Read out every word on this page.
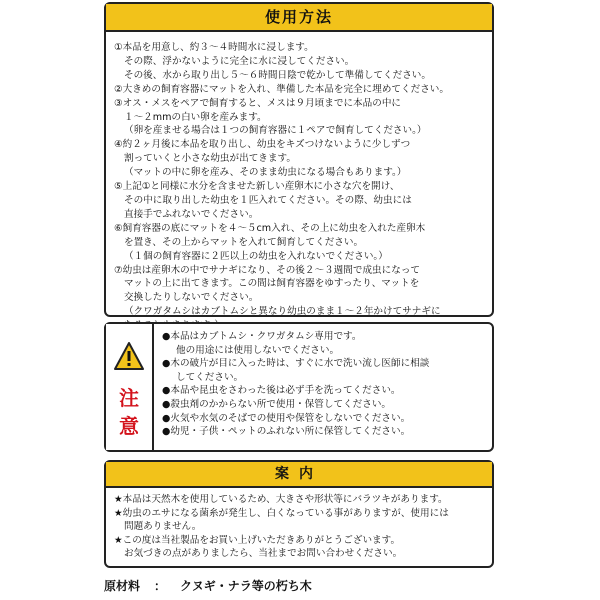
使用方法
①本品を用意し、約３～４時間水に浸します。
その際、浮かないように完全に水に浸してください。
その後、水から取り出し５～６時間日陰で乾かして準備してください。
②大きめの飼育容器にマットを入れ、準備した本品を完全に埋めてください。
③オス・メスをペアで飼育すると、メスは９月頃までに本品の中に
１～２mmの白い卵を産みます。
（卵を産ませる場合は１つの飼育容器に１ペアで飼育してください。）
④約２ヶ月後に本品を取り出し、幼虫をキズつけないように少しずつ
割っていくと小さな幼虫が出てきます。
（マットの中に卵を産み、そのまま幼虫になる場合もあります。）
⑤上記①と同様に水分を含ませた新しい産卵木に小さな穴を開け、
その中に取り出した幼虫を１匹入れてください。その際、幼虫には
直接手でふれないでください。
⑥飼育容器の底にマットを４～５cm入れ、その上に幼虫を入れた産卵木
を置き、その上からマットを入れて飼育してください。
（１個の飼育容器に２匹以上の幼虫を入れないでください。）
⑦幼虫は産卵木の中でサナギになり、その後２～３週間で成虫になって
マットの上に出てきます。この間は飼育容器をゆすったり、マットを
交換したりしないでください。
（クワガタムシはカブトムシと異なり幼虫のまま１～２年かけてサナギに
注
意
●本品はカブトムシ・クワガタムシ専用です。
他の用途には使用しないでください。
●木の破片が目に入った時は、すぐに水で洗い流し医師に相談
してください。
●本品や昆虫をさわった後は必ず手を洗ってください。
●殺虫剤のかからない所で使用・保管してください。
●火気や水気のそばでの使用や保管をしないでください。
●幼児・子供・ペットのふれない所に保管してください。
案内
★本品は天然木を使用しているため、大きさや形状等にバラツキがあります。
★幼虫のエサになる菌糸が発生し、白くなっている事がありますが、使用には
問題ありません。
★この度は当社製品をお買い上げいただきありがとうございます。
お気づきの点がありましたら、当社までお問い合わせください。
原材料 ： クヌギ・ナラ等の朽ち木
